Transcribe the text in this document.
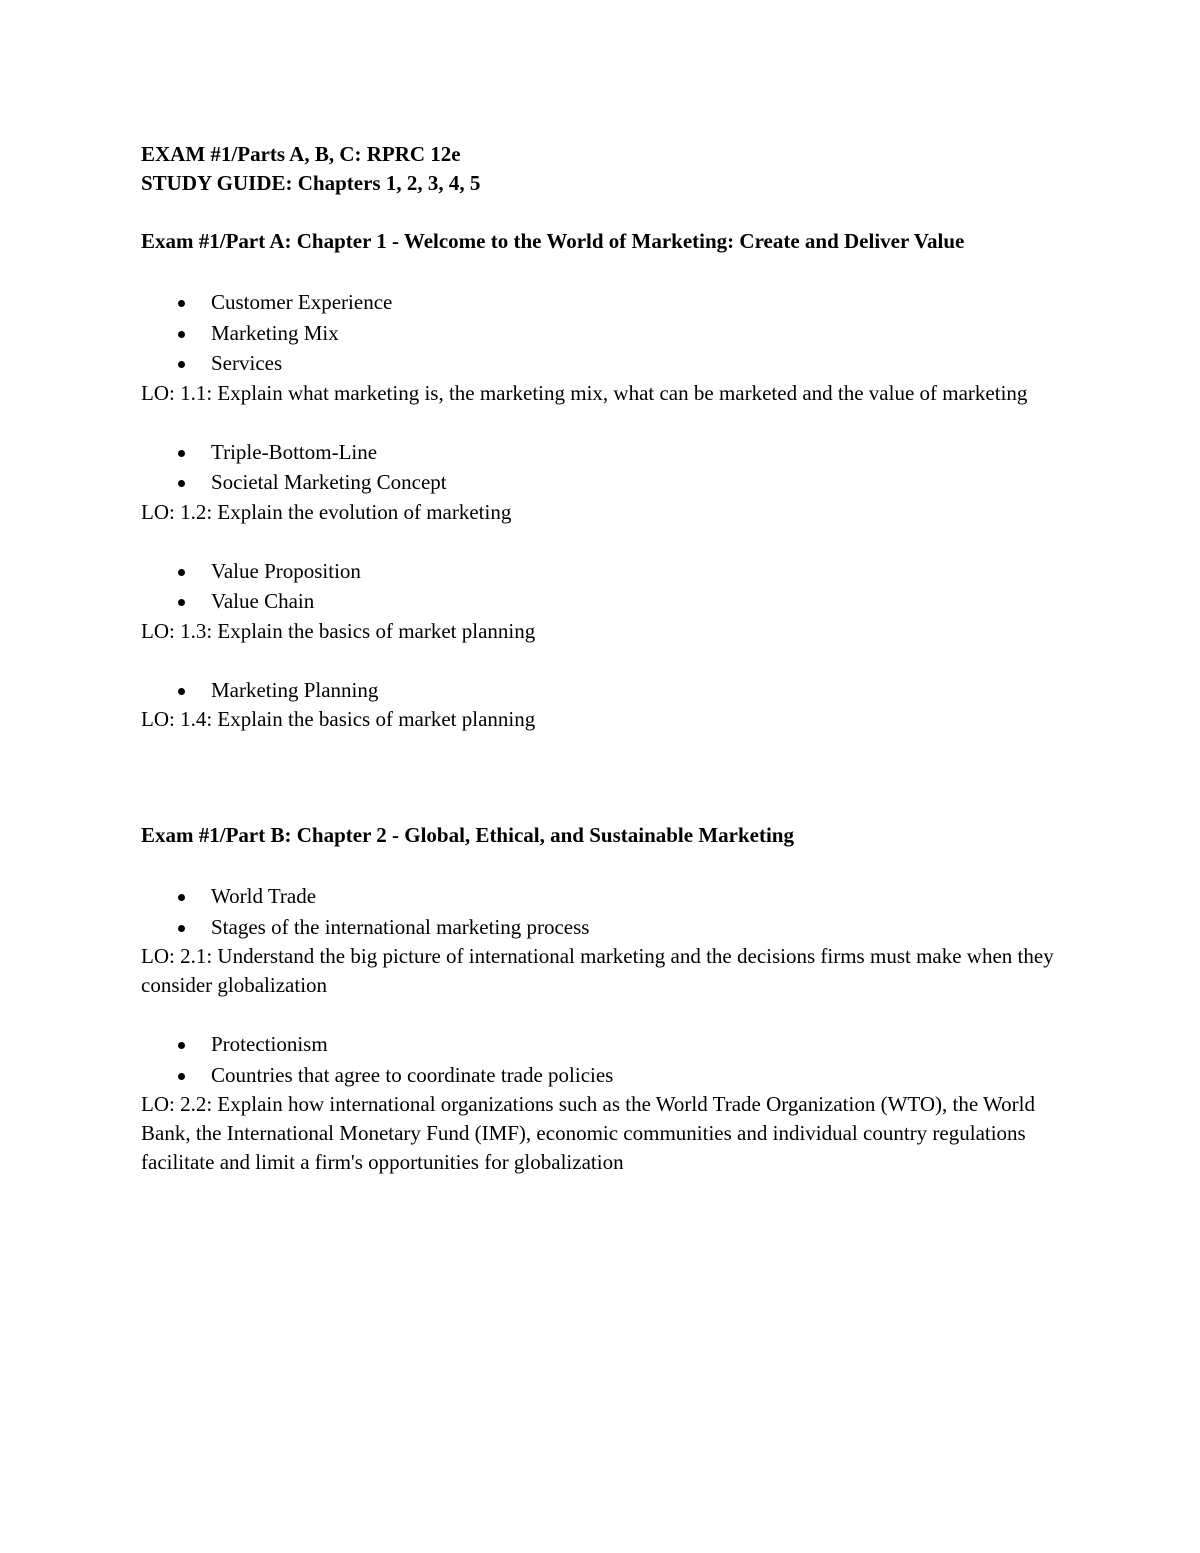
EXAM #1/Parts A, B, C: RPRC 12e

STUDY GUIDE: Chapters 1, 2, 3, 4, 5

Exam #1/Part A: Chapter 1 - Welcome to the World of Marketing: Create and Deliver Value

Customer Experience
Marketing Mix
Services

LO: 1.1: Explain what marketing is, the marketing mix, what can be marketed and the value of marketing

Triple-Bottom-Line
Societal Marketing Concept

LO: 1.2: Explain the evolution of marketing

Value Proposition
Value Chain

LO: 1.3: Explain the basics of market planning

Marketing Planning

LO: 1.4: Explain the basics of market planning

Exam #1/Part B: Chapter 2 - Global, Ethical, and Sustainable Marketing

World Trade
Stages of the international marketing process

LO: 2.1: Understand the big picture of international marketing and the decisions firms must make when they consider globalization

Protectionism
Countries that agree to coordinate trade policies

LO: 2.2: Explain how international organizations such as the World Trade Organization (WTO), the World Bank, the International Monetary Fund (IMF), economic communities and individual country regulations facilitate and limit a firm's opportunities for globalization
